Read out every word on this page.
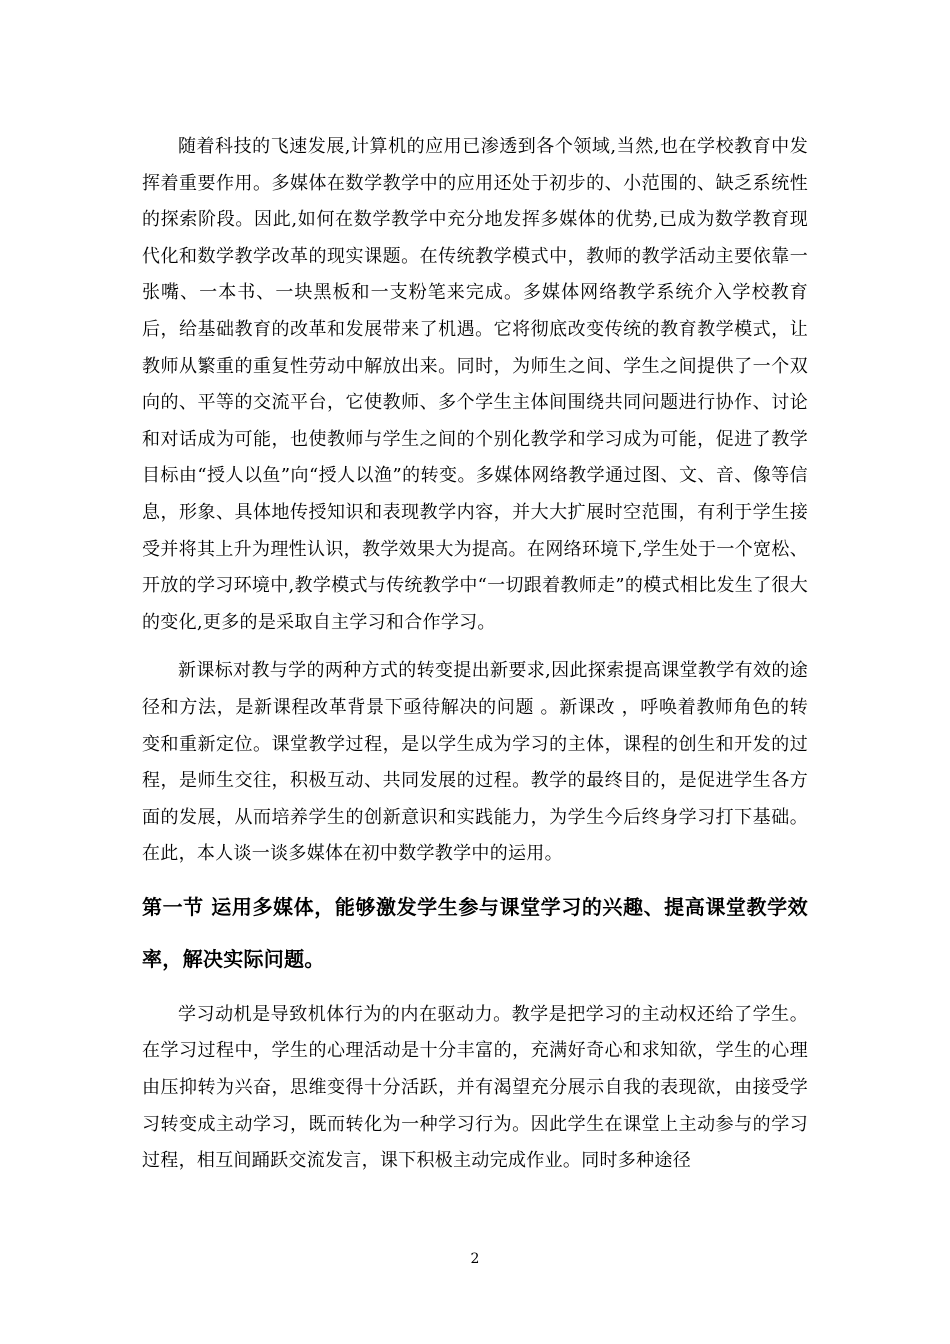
随着科技的飞速发展,计算机的应用已渗透到各个领域,当然,也在学校教育中发挥着重要作用。多媒体在数学教学中的应用还处于初步的、小范围的、缺乏系统性的探索阶段。因此,如何在数学教学中充分地发挥多媒体的优势,已成为数学教育现代化和数学教学改革的现实课题。在传统教学模式中，教师的教学活动主要依靠一张嘴、一本书、一块黑板和一支粉笔来完成。多媒体网络教学系统介入学校教育后，给基础教育的改革和发展带来了机遇。它将彻底改变传统的教育教学模式，让教师从繁重的重复性劳动中解放出来。同时，为师生之间、学生之间提供了一个双向的、平等的交流平台，它使教师、多个学生主体间围绕共同问题进行协作、讨论和对话成为可能，也使教师与学生之间的个别化教学和学习成为可能，促进了教学目标由“授人以鱼”向“授人以渔”的转变。多媒体网络教学通过图、文、音、像等信息，形象、具体地传授知识和表现教学内容，并大大扩展时空范围，有利于学生接受并将其上升为理性认识，教学效果大为提高。在网络环境下,学生处于一个宽松、开放的学习环境中,教学模式与传统教学中“一切跟着教师走”的模式相比发生了很大的变化,更多的是采取自主学习和合作学习。

新课标对教与学的两种方式的转变提出新要求,因此探索提高课堂教学有效的途径和方法，是新课程改革背景下亟待解决的问题 。新课改 ，呼唤着教师角色的转变和重新定位。课堂教学过程，是以学生成为学习的主体，课程的创生和开发的过程，是师生交往，积极互动、共同发展的过程。教学的最终目的，是促进学生各方面的发展，从而培养学生的创新意识和实践能力，为学生今后终身学习打下基础。在此，本人谈一谈多媒体在初中数学教学中的运用。

第一节 运用多媒体，能够激发学生参与课堂学习的兴趣、提高课堂教学效率，解决实际问题。

学习动机是导致机体行为的内在驱动力。教学是把学习的主动权还给了学生。在学习过程中，学生的心理活动是十分丰富的，充满好奇心和求知欲，学生的心理由压抑转为兴奋，思维变得十分活跃，并有渴望充分展示自我的表现欲，由接受学习转变成主动学习，既而转化为一种学习行为。因此学生在课堂上主动参与的学习过程，相互间踊跃交流发言，课下积极主动完成作业。同时多种途径

2
